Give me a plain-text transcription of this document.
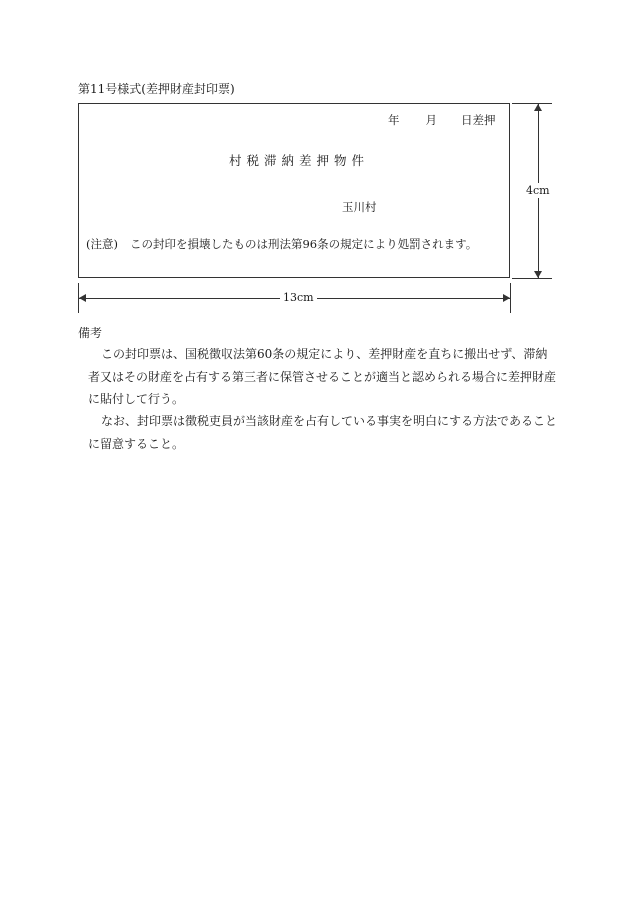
第11号様式(差押財産封印票)
年 月 日差押
村税滞納差押物件
玉川村
(注意) この封印を損壊したものは刑法第96条の規定により処罰されます。
4cm
13cm
備考
この封印票は、国税徴収法第60条の規定により、差押財産を直ちに搬出せず、滞納者又はその財産を占有する第三者に保管させることが適当と認められる場合に差押財産に貼付して行う。
なお、封印票は徴税吏員が当該財産を占有している事実を明白にする方法であることに留意すること。
